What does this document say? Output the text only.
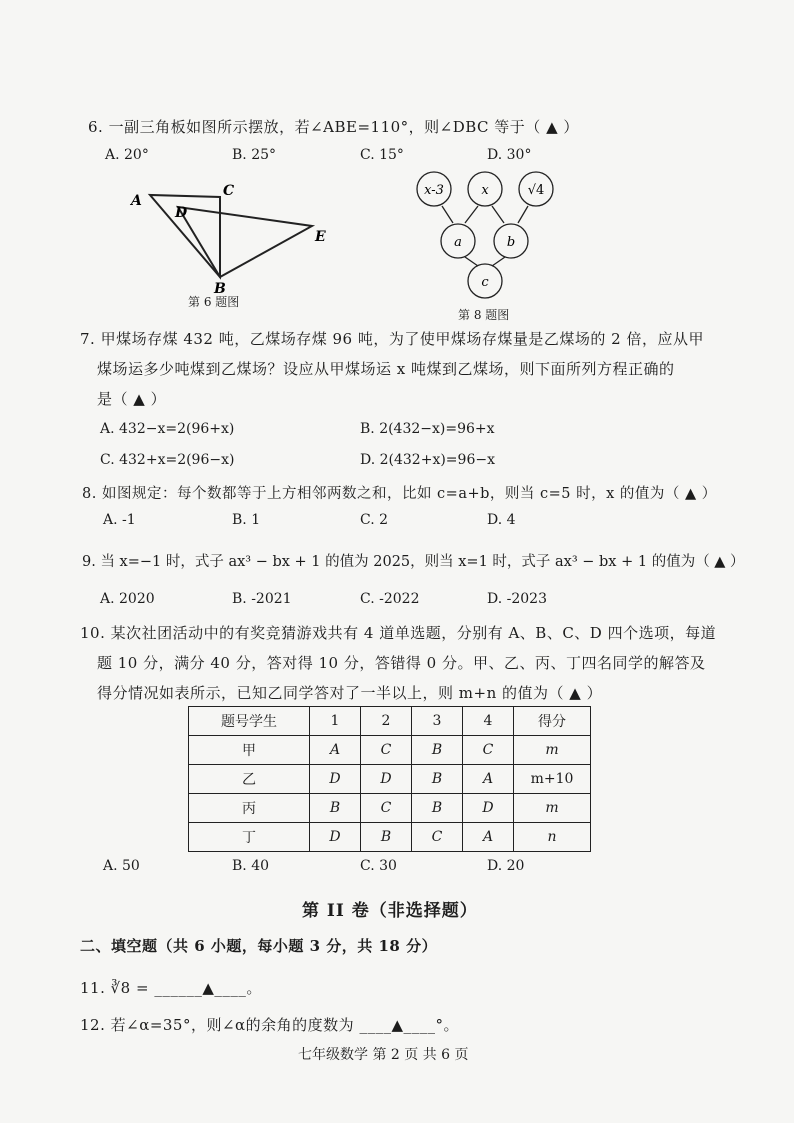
6. 一副三角板如图所示摆放，若∠ABE=110°，则∠DBC 等于（ ▲ ）
A. 20°	B. 25°	C. 15°	D. 30°
A
C
D
E
B
第 6 题图
x-3	x	√4
a	b
c
第 8 题图
7. 甲煤场存煤 432 吨，乙煤场存煤 96 吨，为了使甲煤场存煤量是乙煤场的 2 倍，应从甲
煤场运多少吨煤到乙煤场？设应从甲煤场运 x 吨煤到乙煤场，则下面所列方程正确的
是（ ▲ ）
A. 432−x=2(96+x)	B. 2(432−x)=96+x
C. 432+x=2(96−x)	D. 2(432+x)=96−x
8. 如图规定：每个数都等于上方相邻两数之和，比如 c=a+b，则当 c=5 时，x 的值为（ ▲ ）
A. -1	B. 1	C. 2	D. 4
9. 当 x=−1 时，式子 ax³ − bx + 1 的值为 2025，则当 x=1 时，式子 ax³ − bx + 1 的值为（ ▲ ）
A. 2020	B. -2021	C. -2022	D. -2023
10. 某次社团活动中的有奖竞猜游戏共有 4 道单选题，分别有 A、B、C、D 四个选项，每道
题 10 分，满分 40 分，答对得 10 分，答错得 0 分。甲、乙、丙、丁四名同学的解答及
得分情况如表所示，已知乙同学答对了一半以上，则 m+n 的值为（ ▲ ）
题号学生	1	2	3	4	得分
甲	A	C	B	C	m
乙	D	D	B	A	m+10
丙	B	C	B	D	m
丁	D	B	C	A	n
A. 50	B. 40	C. 30	D. 20
第 II 卷（非选择题）
二、填空题（共 6 小题，每小题 3 分，共 18 分）
11. ∛8 = ______▲____。
12. 若∠α=35°，则∠α的余角的度数为 ____▲____°。
七年级数学 第 2 页 共 6 页
